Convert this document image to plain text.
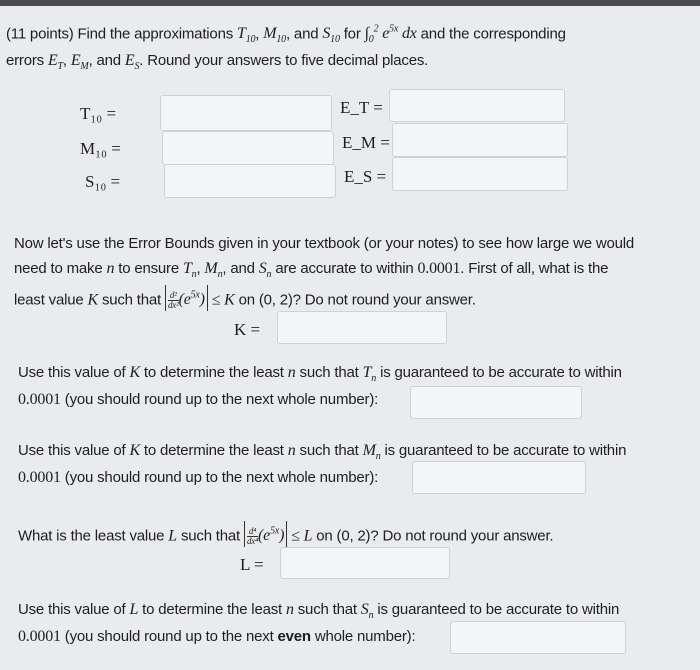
(11 points) Find the approximations $T_{10}$, $M_{10}$, and $S_{10}$ for $\int_0^2$ $e^{5x}$ dx and the corresponding
errors $E_T$, $E_M$, and $E_S$. Round your answers to five decimal places.
T₁₀ =
M₁₀ =
S₁₀ =
E_T =
E_M =
E_S =
Now let's use the Error Bounds given in your textbook (or your notes) to see how large we would
need to make n to ensure $T_n$, $M_n$, and $S_n$ are accurate to within 0.0001. First of all, what is the
least value K such that $\frac{\text{d²}}{\text{dx²}} (e^{5x}) \le K$ on (0, 2)? Do not round your answer.
K =
Use this value of K to determine the least n such that $T_n$ is guaranteed to be accurate to within
0.0001 (you should round up to the next whole number):
Use this value of K to determine the least n such that $M_n$ is guaranteed to be accurate to within
0.0001 (you should round up to the next whole number):
What is the least value L such that $\frac{\text{d⁴}}{\text{dx⁴}} (e^{5x}) \le L$ on (0, 2)? Do not round your answer.
L =
Use this value of L to determine the least n such that $S_n$ is guaranteed to be accurate to within
0.0001 (you should round up to the next even whole number):
